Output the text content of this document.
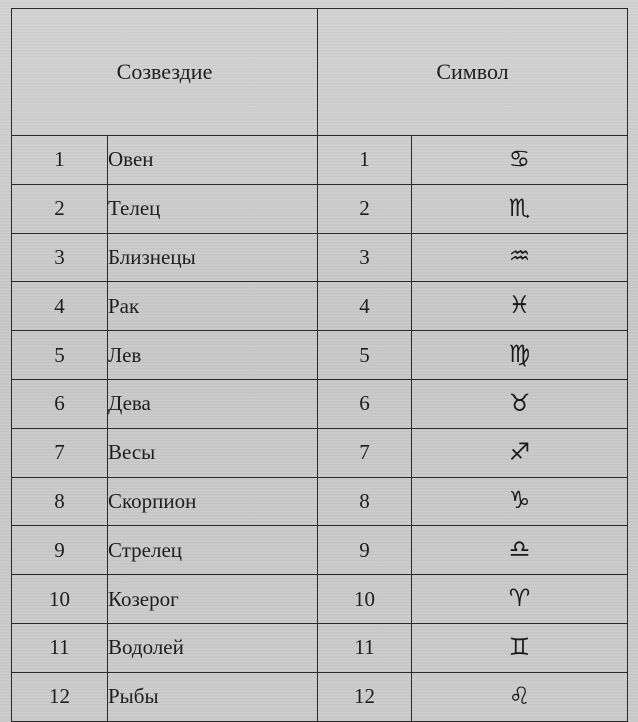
Созвездие		Символ	
1	Овен	1	♋
2	Телец	2	♏
3	Близнецы	3	♒
4	Рак	4	♓
5	Лев	5	♍
6	Дева	6	♉
7	Весы	7	♐
8	Скорпион	8	♑
9	Стрелец	9	♎
10	Козерог	10	♈
11	Водолей	11	♊
12	Рыбы	12	♌
